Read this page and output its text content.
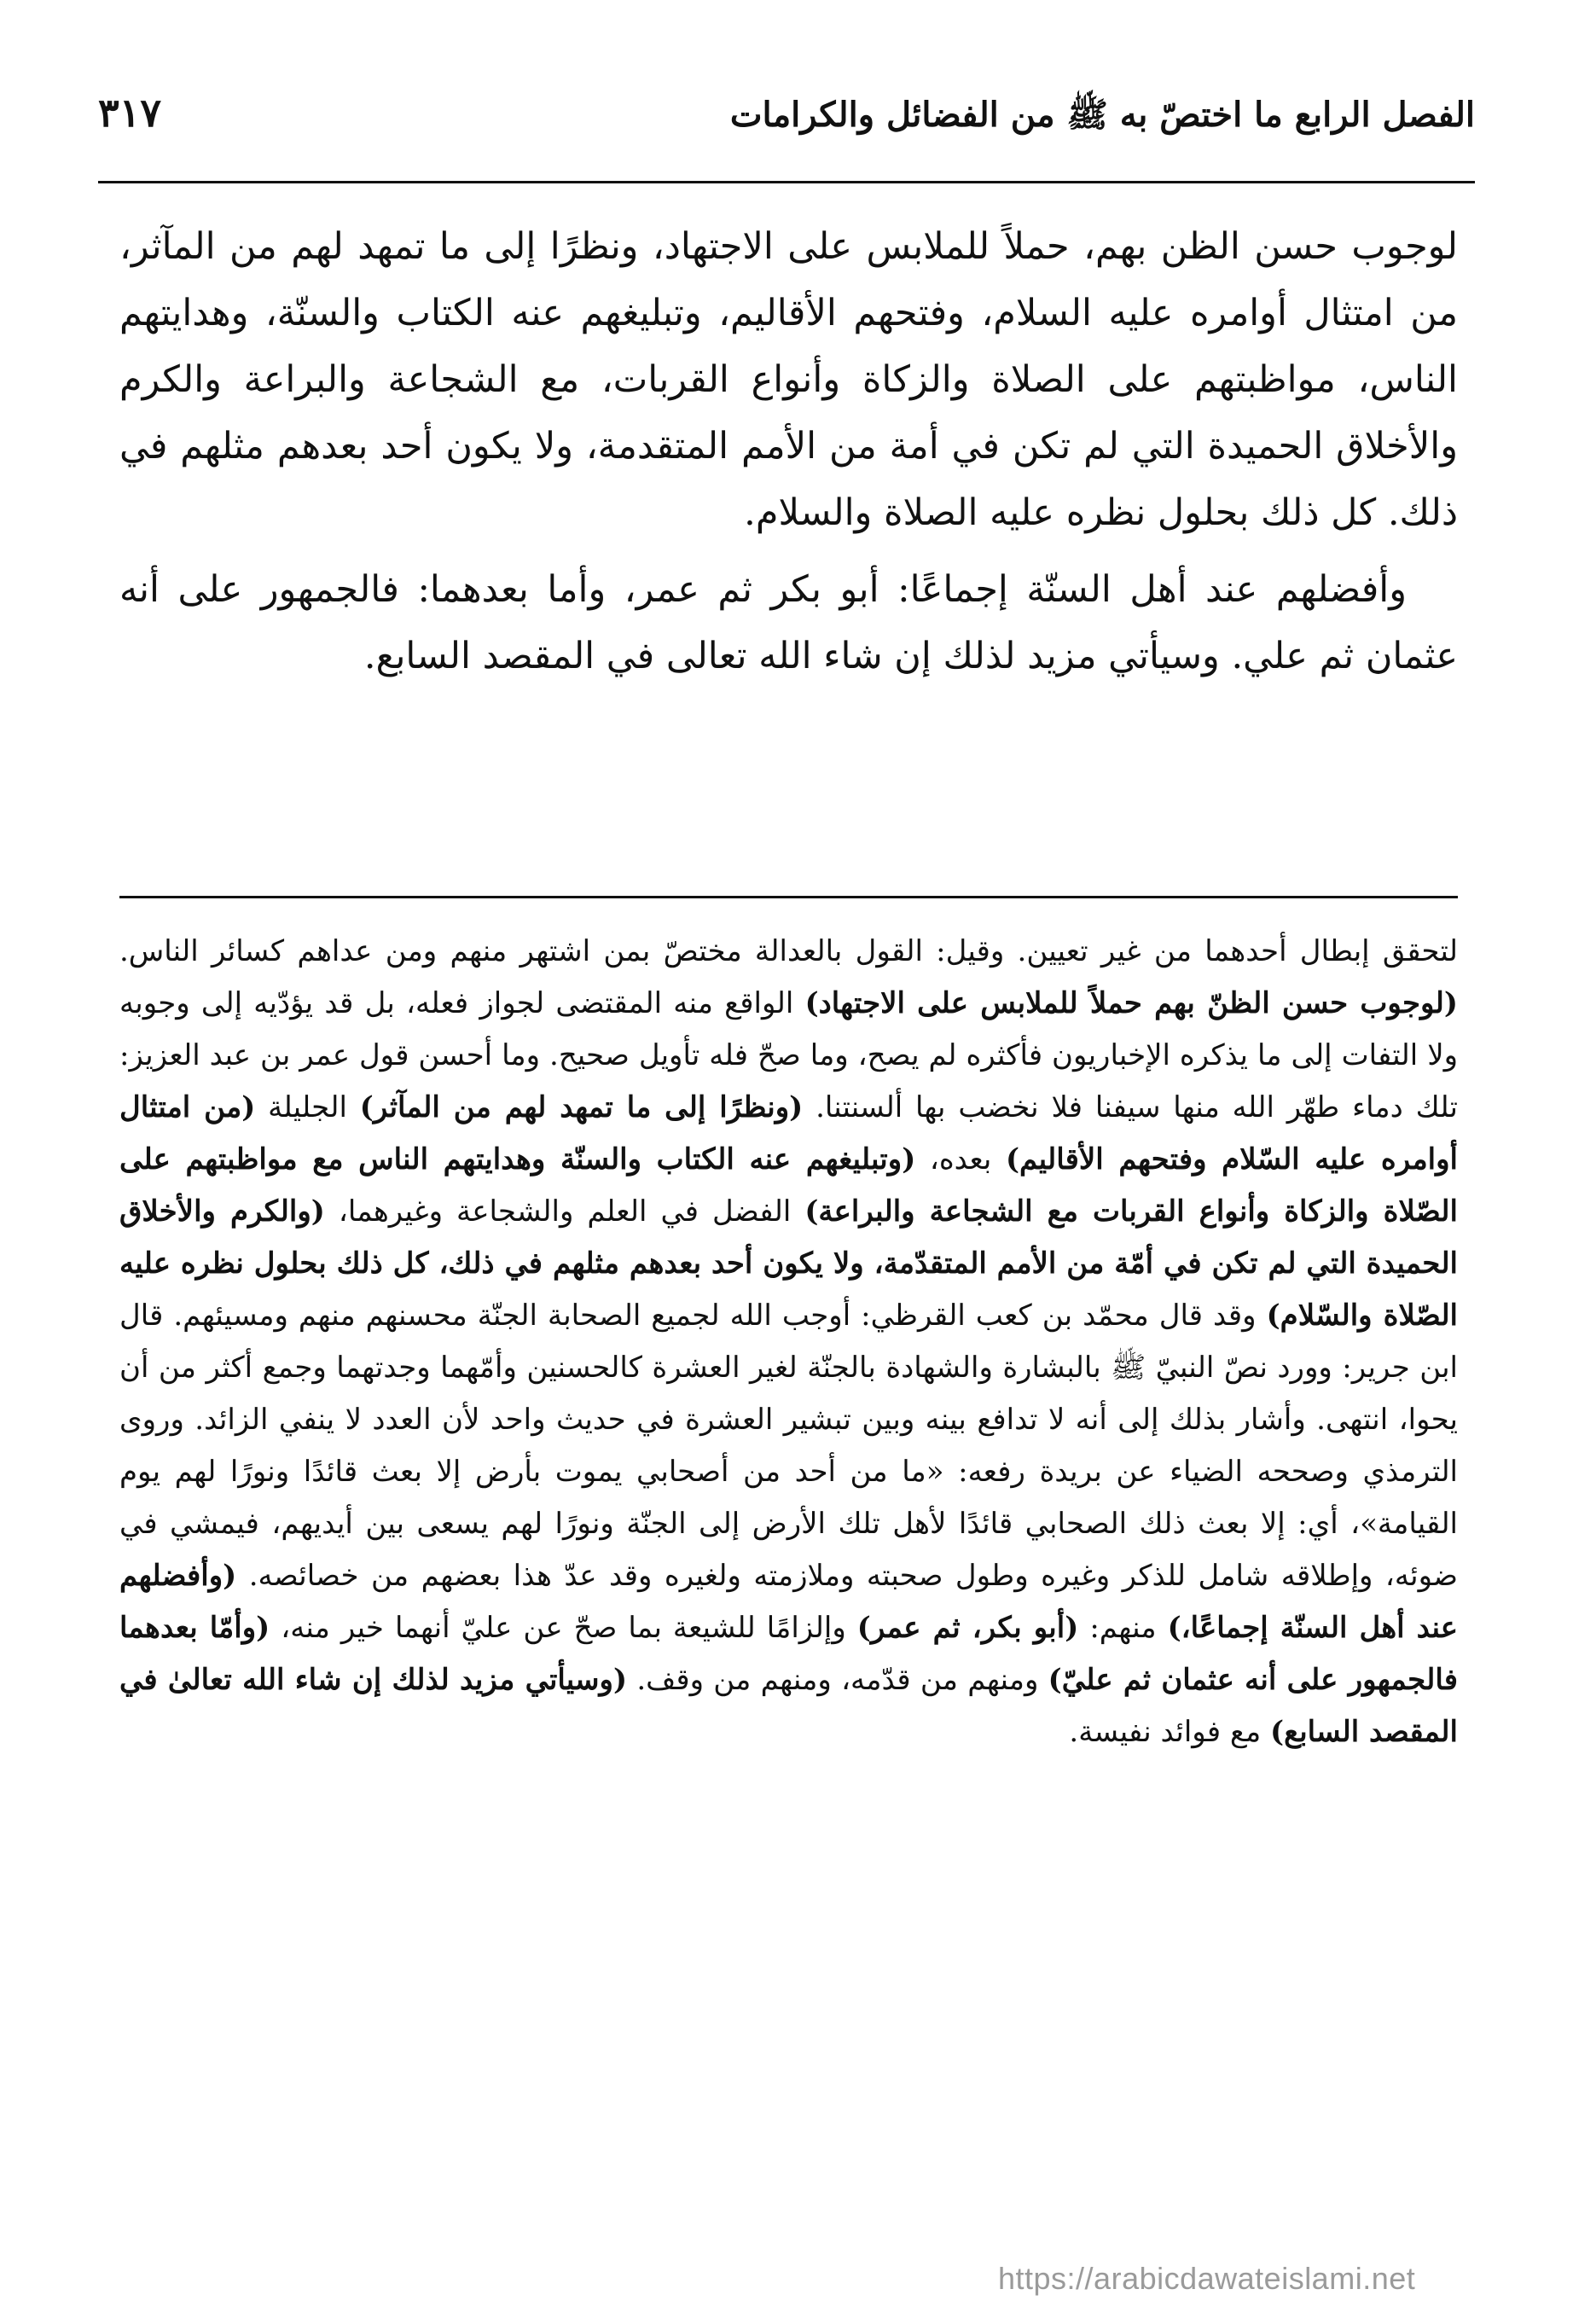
الفصل الرابع ما اختصّ به ﷺ من الفضائل والكرامات
٣١٧

لوجوب حسن الظن بهم، حملاً للملابس على الاجتهاد، ونظرًا إلى ما تمهد لهم من المآثر، من امتثال أوامره عليه السلام، وفتحهم الأقاليم، وتبليغهم عنه الكتاب والسنّة، وهدايتهم الناس، مواظبتهم على الصلاة والزكاة وأنواع القربات، مع الشجاعة والبراعة والكرم والأخلاق الحميدة التي لم تكن في أمة من الأمم المتقدمة، ولا يكون أحد بعدهم مثلهم في ذلك. كل ذلك بحلول نظره عليه الصلاة والسلام.

وأفضلهم عند أهل السنّة إجماعًا: أبو بكر ثم عمر، وأما بعدهما: فالجمهور على أنه عثمان ثم علي. وسيأتي مزيد لذلك إن شاء الله تعالى في المقصد السابع.

لتحقق إبطال أحدهما من غير تعيين. وقيل: القول بالعدالة مختصّ بمن اشتهر منهم ومن عداهم كسائر الناس. (لوجوب حسن الظنّ بهم حملاً للملابس على الاجتهاد) الواقع منه المقتضى لجواز فعله، بل قد يؤدّيه إلى وجوبه ولا التفات إلى ما يذكره الإخباريون فأكثره لم يصح، وما صحّ فله تأويل صحيح. وما أحسن قول عمر بن عبد العزيز: تلك دماء طهّر الله منها سيفنا فلا نخضب بها ألسنتنا. (ونظرًا إلى ما تمهد لهم من المآثر) الجليلة (من امتثال أوامره عليه السّلام وفتحهم الأقاليم) بعده، (وتبليغهم عنه الكتاب والسنّة وهدايتهم الناس مع مواظبتهم على الصّلاة والزكاة وأنواع القربات مع الشجاعة والبراعة) الفضل في العلم والشجاعة وغيرهما، (والكرم والأخلاق الحميدة التي لم تكن في أمّة من الأمم المتقدّمة، ولا يكون أحد بعدهم مثلهم في ذلك، كل ذلك بحلول نظره عليه الصّلاة والسّلام) وقد قال محمّد بن كعب القرظي: أوجب الله لجميع الصحابة الجنّة محسنهم منهم ومسيئهم. قال ابن جرير: وورد نصّ النبيّ ﷺ بالبشارة والشهادة بالجنّة لغير العشرة كالحسنين وأمّهما وجدتهما وجمع أكثر من أن يحوا، انتهى. وأشار بذلك إلى أنه لا تدافع بينه وبين تبشير العشرة في حديث واحد لأن العدد لا ينفي الزائد. وروى الترمذي وصححه الضياء عن بريدة رفعه: «ما من أحد من أصحابي يموت بأرض إلا بعث قائدًا ونورًا لهم يوم القيامة»، أي: إلا بعث ذلك الصحابي قائدًا لأهل تلك الأرض إلى الجنّة ونورًا لهم يسعى بين أيديهم، فيمشي في ضوئه، وإطلاقه شامل للذكر وغيره وطول صحبته وملازمته ولغيره وقد عدّ هذا بعضهم من خصائصه. (وأفضلهم عند أهل السنّة إجماعًا،) منهم: (أبو بكر، ثم عمر) وإلزامًا للشيعة بما صحّ عن عليّ أنهما خير منه، (وأمّا بعدهما فالجمهور على أنه عثمان ثم عليّ) ومنهم من قدّمه، ومنهم من وقف. (وسيأتي مزيد لذلك إن شاء الله تعالىٰ في المقصد السابع) مع فوائد نفيسة.

https://arabicdawateislami.net
